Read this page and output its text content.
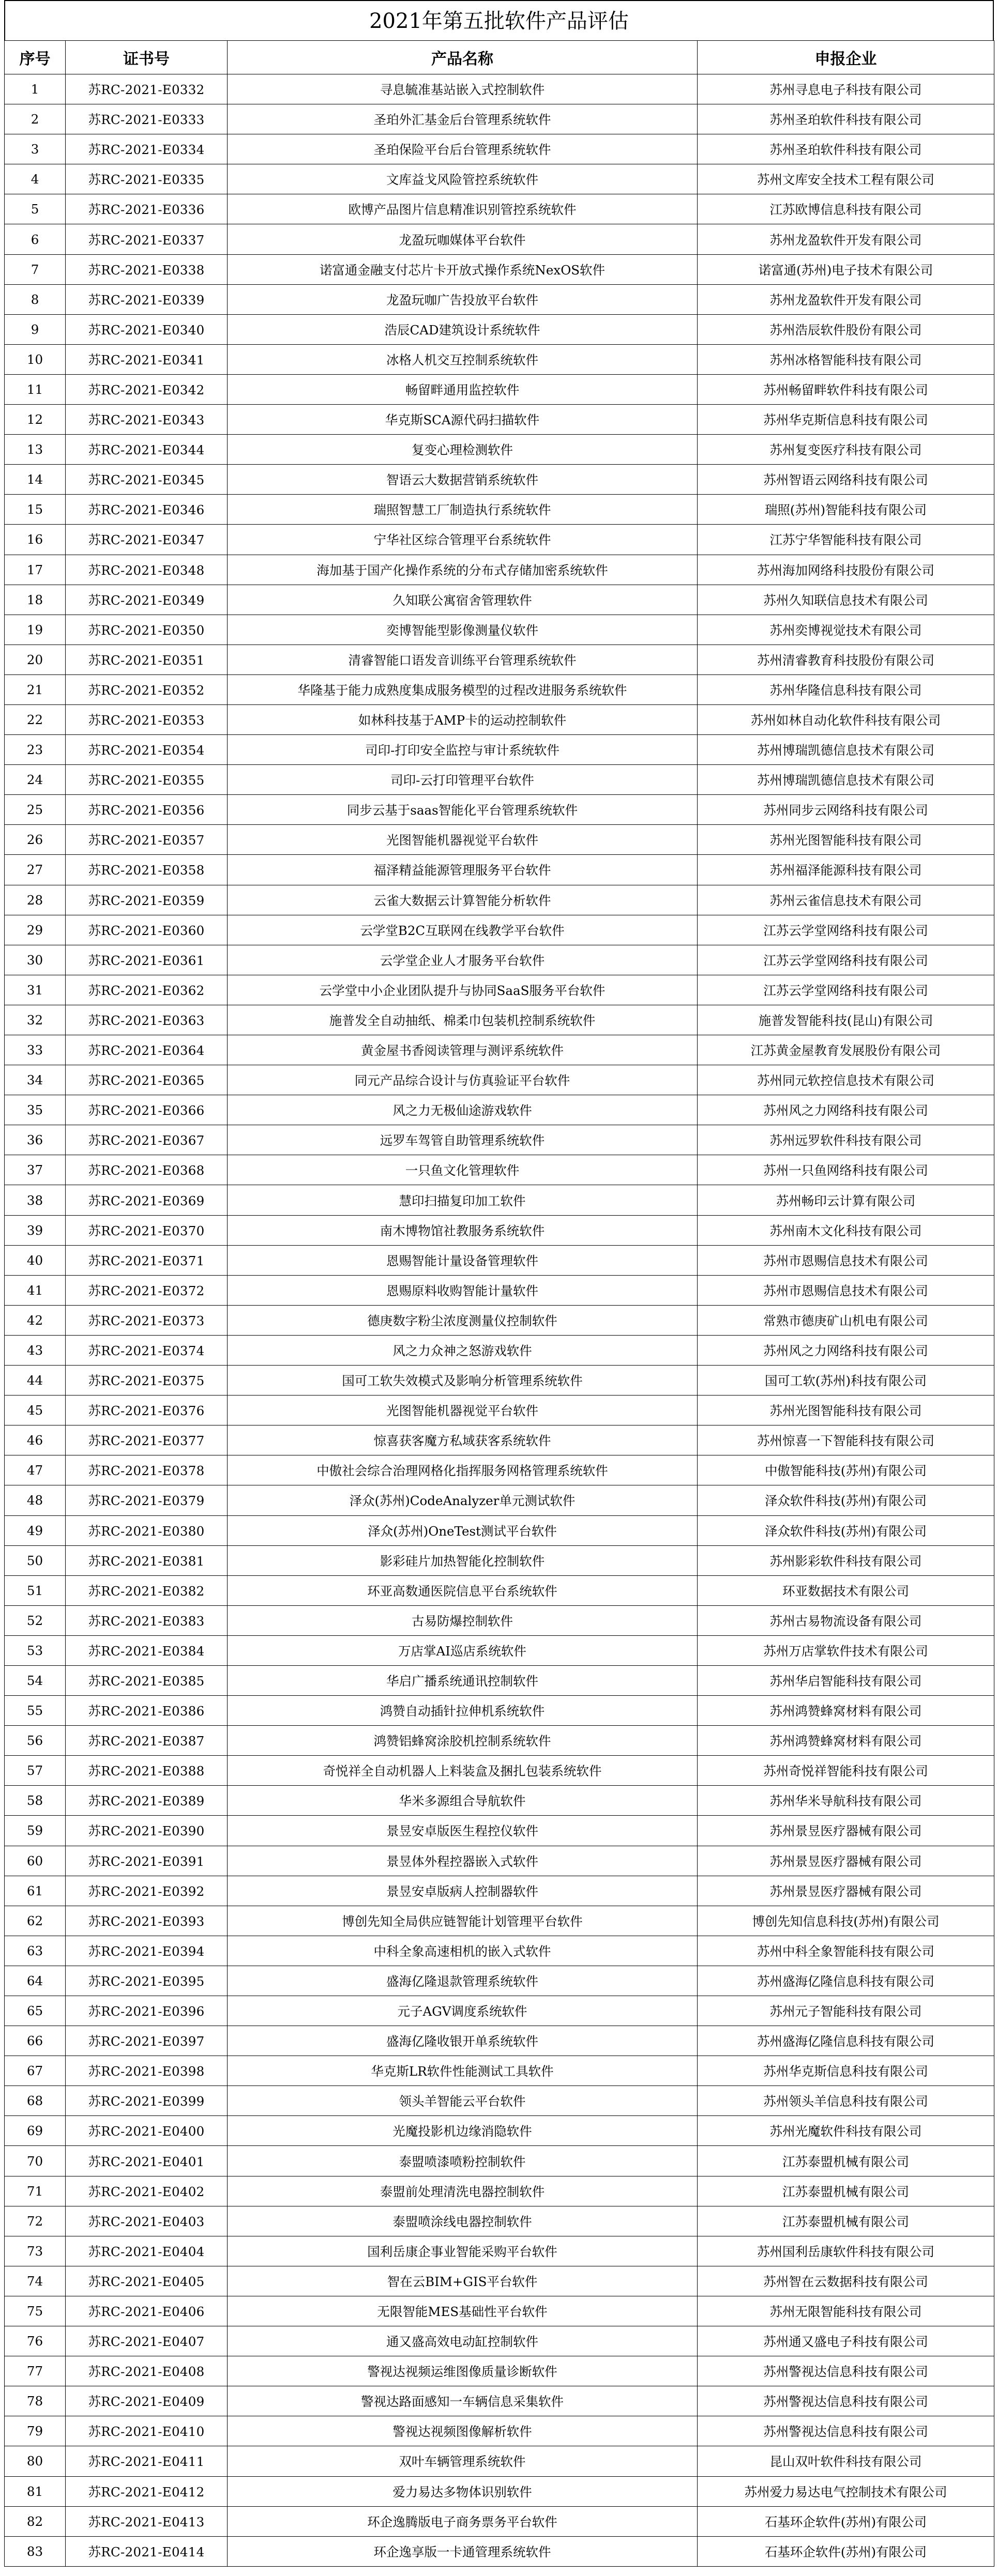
2021年第五批软件产品评估
序号	证书号	产品名称	申报企业
1	苏RC-2021-E0332	寻息毓准基站嵌入式控制软件	苏州寻息电子科技有限公司
2	苏RC-2021-E0333	圣珀外汇基金后台管理系统软件	苏州圣珀软件科技有限公司
3	苏RC-2021-E0334	圣珀保险平台后台管理系统软件	苏州圣珀软件科技有限公司
4	苏RC-2021-E0335	文库益戈风险管控系统软件	苏州文库安全技术工程有限公司
5	苏RC-2021-E0336	欧博产品图片信息精准识别管控系统软件	江苏欧博信息科技有限公司
6	苏RC-2021-E0337	龙盈玩咖媒体平台软件	苏州龙盈软件开发有限公司
7	苏RC-2021-E0338	诺富通金融支付芯片卡开放式操作系统NexOS软件	诺富通(苏州)电子技术有限公司
8	苏RC-2021-E0339	龙盈玩咖广告投放平台软件	苏州龙盈软件开发有限公司
9	苏RC-2021-E0340	浩辰CAD建筑设计系统软件	苏州浩辰软件股份有限公司
10	苏RC-2021-E0341	冰格人机交互控制系统软件	苏州冰格智能科技有限公司
11	苏RC-2021-E0342	畅留畔通用监控软件	苏州畅留畔软件科技有限公司
12	苏RC-2021-E0343	华克斯SCA源代码扫描软件	苏州华克斯信息科技有限公司
13	苏RC-2021-E0344	复变心理检测软件	苏州复变医疗科技有限公司
14	苏RC-2021-E0345	智语云大数据营销系统软件	苏州智语云网络科技有限公司
15	苏RC-2021-E0346	瑞照智慧工厂制造执行系统软件	瑞照(苏州)智能科技有限公司
16	苏RC-2021-E0347	宁华社区综合管理平台系统软件	江苏宁华智能科技有限公司
17	苏RC-2021-E0348	海加基于国产化操作系统的分布式存储加密系统软件	苏州海加网络科技股份有限公司
18	苏RC-2021-E0349	久知联公寓宿舍管理软件	苏州久知联信息技术有限公司
19	苏RC-2021-E0350	奕博智能型影像测量仪软件	苏州奕博视觉技术有限公司
20	苏RC-2021-E0351	清睿智能口语发音训练平台管理系统软件	苏州清睿教育科技股份有限公司
21	苏RC-2021-E0352	华隆基于能力成熟度集成服务模型的过程改进服务系统软件	苏州华隆信息科技有限公司
22	苏RC-2021-E0353	如林科技基于AMP卡的运动控制软件	苏州如林自动化软件科技有限公司
23	苏RC-2021-E0354	司印-打印安全监控与审计系统软件	苏州博瑞凯德信息技术有限公司
24	苏RC-2021-E0355	司印-云打印管理平台软件	苏州博瑞凯德信息技术有限公司
25	苏RC-2021-E0356	同步云基于saas智能化平台管理系统软件	苏州同步云网络科技有限公司
26	苏RC-2021-E0357	光图智能机器视觉平台软件	苏州光图智能科技有限公司
27	苏RC-2021-E0358	福泽精益能源管理服务平台软件	苏州福泽能源科技有限公司
28	苏RC-2021-E0359	云雀大数据云计算智能分析软件	苏州云雀信息技术有限公司
29	苏RC-2021-E0360	云学堂B2C互联网在线教学平台软件	江苏云学堂网络科技有限公司
30	苏RC-2021-E0361	云学堂企业人才服务平台软件	江苏云学堂网络科技有限公司
31	苏RC-2021-E0362	云学堂中小企业团队提升与协同SaaS服务平台软件	江苏云学堂网络科技有限公司
32	苏RC-2021-E0363	施普发全自动抽纸、棉柔巾包装机控制系统软件	施普发智能科技(昆山)有限公司
33	苏RC-2021-E0364	黄金屋书香阅读管理与测评系统软件	江苏黄金屋教育发展股份有限公司
34	苏RC-2021-E0365	同元产品综合设计与仿真验证平台软件	苏州同元软控信息技术有限公司
35	苏RC-2021-E0366	风之力无极仙途游戏软件	苏州风之力网络科技有限公司
36	苏RC-2021-E0367	远罗车驾管自助管理系统软件	苏州远罗软件科技有限公司
37	苏RC-2021-E0368	一只鱼文化管理软件	苏州一只鱼网络科技有限公司
38	苏RC-2021-E0369	慧印扫描复印加工软件	苏州畅印云计算有限公司
39	苏RC-2021-E0370	南木博物馆社教服务系统软件	苏州南木文化科技有限公司
40	苏RC-2021-E0371	恩赐智能计量设备管理软件	苏州市恩赐信息技术有限公司
41	苏RC-2021-E0372	恩赐原料收购智能计量软件	苏州市恩赐信息技术有限公司
42	苏RC-2021-E0373	德庚数字粉尘浓度测量仪控制软件	常熟市德庚矿山机电有限公司
43	苏RC-2021-E0374	风之力众神之怒游戏软件	苏州风之力网络科技有限公司
44	苏RC-2021-E0375	国可工软失效模式及影响分析管理系统软件	国可工软(苏州)科技有限公司
45	苏RC-2021-E0376	光图智能机器视觉平台软件	苏州光图智能科技有限公司
46	苏RC-2021-E0377	惊喜获客魔方私域获客系统软件	苏州惊喜一下智能科技有限公司
47	苏RC-2021-E0378	中傲社会综合治理网格化指挥服务网格管理系统软件	中傲智能科技(苏州)有限公司
48	苏RC-2021-E0379	泽众(苏州)CodeAnalyzer单元测试软件	泽众软件科技(苏州)有限公司
49	苏RC-2021-E0380	泽众(苏州)OneTest测试平台软件	泽众软件科技(苏州)有限公司
50	苏RC-2021-E0381	影彩硅片加热智能化控制软件	苏州影彩软件科技有限公司
51	苏RC-2021-E0382	环亚高数通医院信息平台系统软件	环亚数据技术有限公司
52	苏RC-2021-E0383	古易防爆控制软件	苏州古易物流设备有限公司
53	苏RC-2021-E0384	万店掌AI巡店系统软件	苏州万店掌软件技术有限公司
54	苏RC-2021-E0385	华启广播系统通讯控制软件	苏州华启智能科技有限公司
55	苏RC-2021-E0386	鸿赞自动插针拉伸机系统软件	苏州鸿赞蜂窝材料有限公司
56	苏RC-2021-E0387	鸿赞铝蜂窝涂胶机控制系统软件	苏州鸿赞蜂窝材料有限公司
57	苏RC-2021-E0388	奇悦祥全自动机器人上料装盒及捆扎包装系统软件	苏州奇悦祥智能科技有限公司
58	苏RC-2021-E0389	华米多源组合导航软件	苏州华米导航科技有限公司
59	苏RC-2021-E0390	景昱安卓版医生程控仪软件	苏州景昱医疗器械有限公司
60	苏RC-2021-E0391	景昱体外程控器嵌入式软件	苏州景昱医疗器械有限公司
61	苏RC-2021-E0392	景昱安卓版病人控制器软件	苏州景昱医疗器械有限公司
62	苏RC-2021-E0393	博创先知全局供应链智能计划管理平台软件	博创先知信息科技(苏州)有限公司
63	苏RC-2021-E0394	中科全象高速相机的嵌入式软件	苏州中科全象智能科技有限公司
64	苏RC-2021-E0395	盛海亿隆退款管理系统软件	苏州盛海亿隆信息科技有限公司
65	苏RC-2021-E0396	元子AGV调度系统软件	苏州元子智能科技有限公司
66	苏RC-2021-E0397	盛海亿隆收银开单系统软件	苏州盛海亿隆信息科技有限公司
67	苏RC-2021-E0398	华克斯LR软件性能测试工具软件	苏州华克斯信息科技有限公司
68	苏RC-2021-E0399	领头羊智能云平台软件	苏州领头羊信息科技有限公司
69	苏RC-2021-E0400	光魔投影机边缘消隐软件	苏州光魔软件科技有限公司
70	苏RC-2021-E0401	泰盟喷漆喷粉控制软件	江苏泰盟机械有限公司
71	苏RC-2021-E0402	泰盟前处理清洗电器控制软件	江苏泰盟机械有限公司
72	苏RC-2021-E0403	泰盟喷涂线电器控制软件	江苏泰盟机械有限公司
73	苏RC-2021-E0404	国利岳康企事业智能采购平台软件	苏州国利岳康软件科技有限公司
74	苏RC-2021-E0405	智在云BIM+GIS平台软件	苏州智在云数据科技有限公司
75	苏RC-2021-E0406	无限智能MES基础性平台软件	苏州无限智能科技有限公司
76	苏RC-2021-E0407	通又盛高效电动缸控制软件	苏州通又盛电子科技有限公司
77	苏RC-2021-E0408	警视达视频运维图像质量诊断软件	苏州警视达信息科技有限公司
78	苏RC-2021-E0409	警视达路面感知一车辆信息采集软件	苏州警视达信息科技有限公司
79	苏RC-2021-E0410	警视达视频图像解析软件	苏州警视达信息科技有限公司
80	苏RC-2021-E0411	双叶车辆管理系统软件	昆山双叶软件科技有限公司
81	苏RC-2021-E0412	爱力易达多物体识别软件	苏州爱力易达电气控制技术有限公司
82	苏RC-2021-E0413	环企逸腾版电子商务票务平台软件	石基环企软件(苏州)有限公司
83	苏RC-2021-E0414	环企逸享版一卡通管理系统软件	石基环企软件(苏州)有限公司
